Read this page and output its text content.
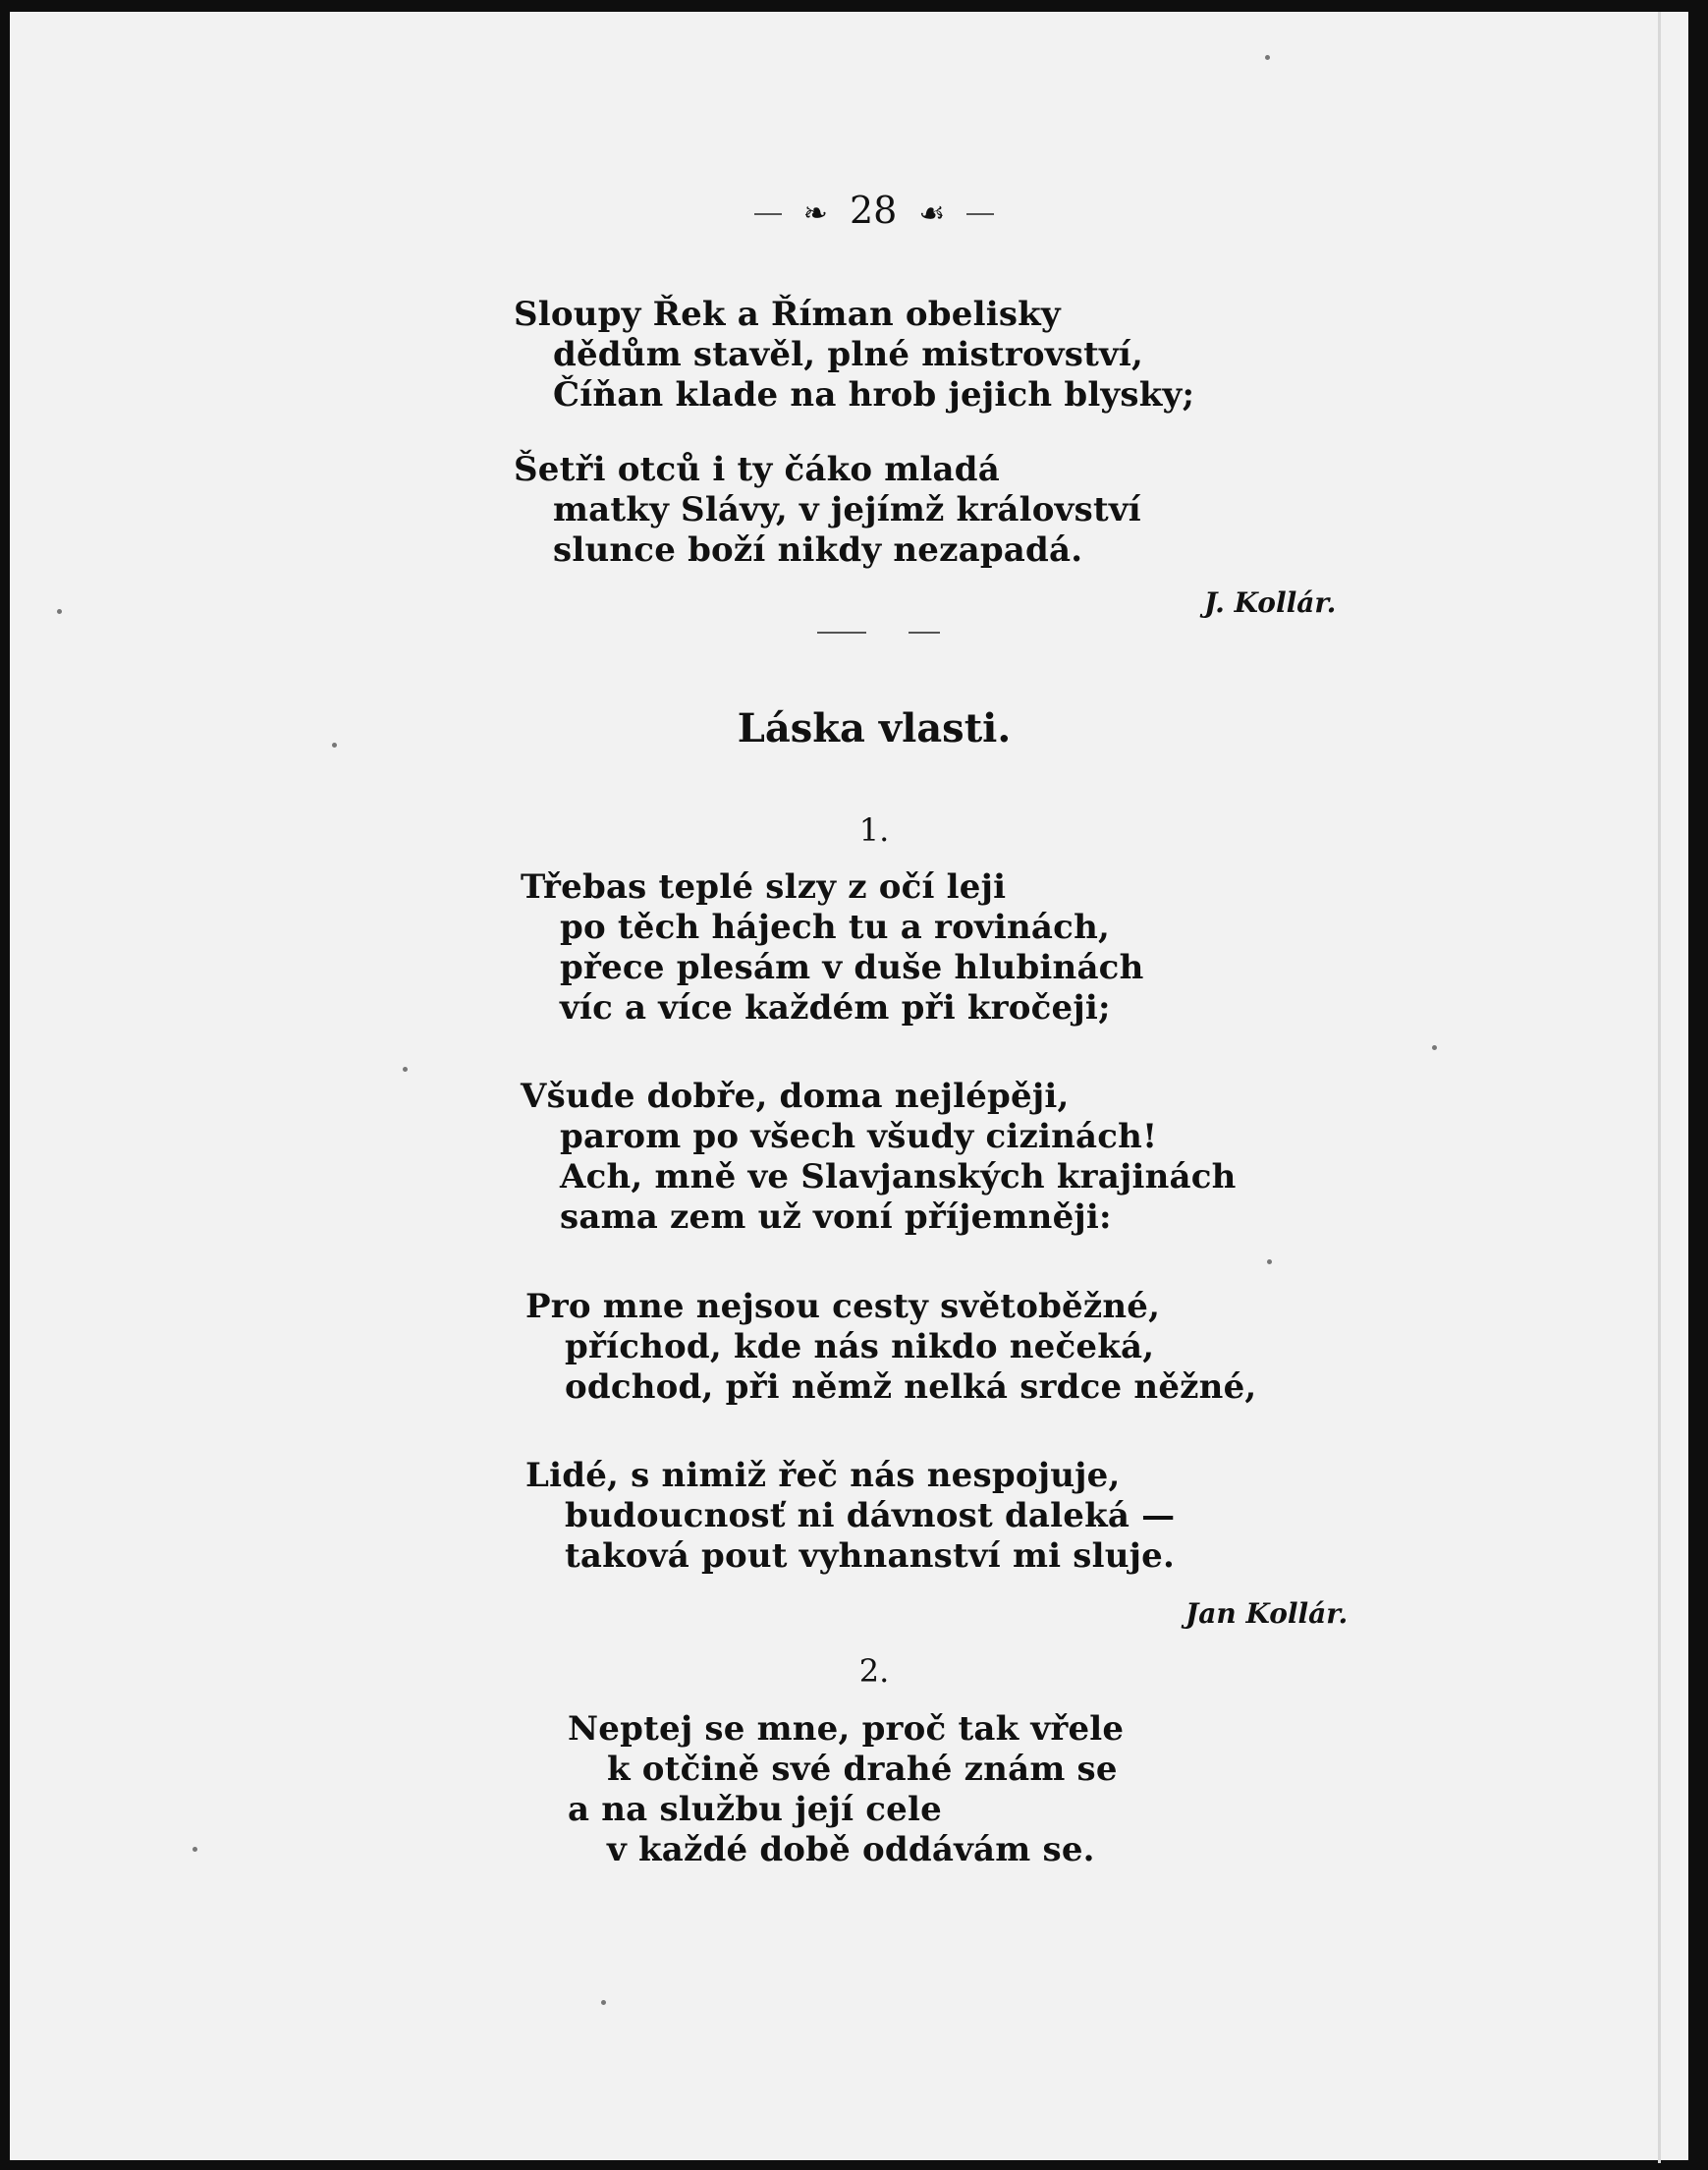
❧ 28 ☙
Sloupy Řek a Říman obelisky
dědům stavěl, plné mistrovství,
Číňan klade na hrob jejich blysky;
Šetři otců i ty čáko mladá
matky Slávy, v jejímž království
slunce boží nikdy nezapadá.
J. Kollár.
Láska vlasti.
1.
Třebas teplé slzy z očí leji
po těch hájech tu a rovinách,
přece plesám v duše hlubinách
víc a více každém při kročeji;
Všude dobře, doma nejlépěji,
parom po všech všudy cizinách!
Ach, mně ve Slavjanských krajinách
sama zem už voní příjemněji:
Pro mne nejsou cesty světoběžné,
příchod, kde nás nikdo nečeká,
odchod, při němž nelká srdce něžné,
Lidé, s nimiž řeč nás nespojuje,
budoucnosť ni dávnost daleká —
taková pout vyhnanství mi sluje.
Jan Kollár.
2.
Neptej se mne, proč tak vřele
k otčině své drahé znám se
a na službu její cele
v každé době oddávám se.
